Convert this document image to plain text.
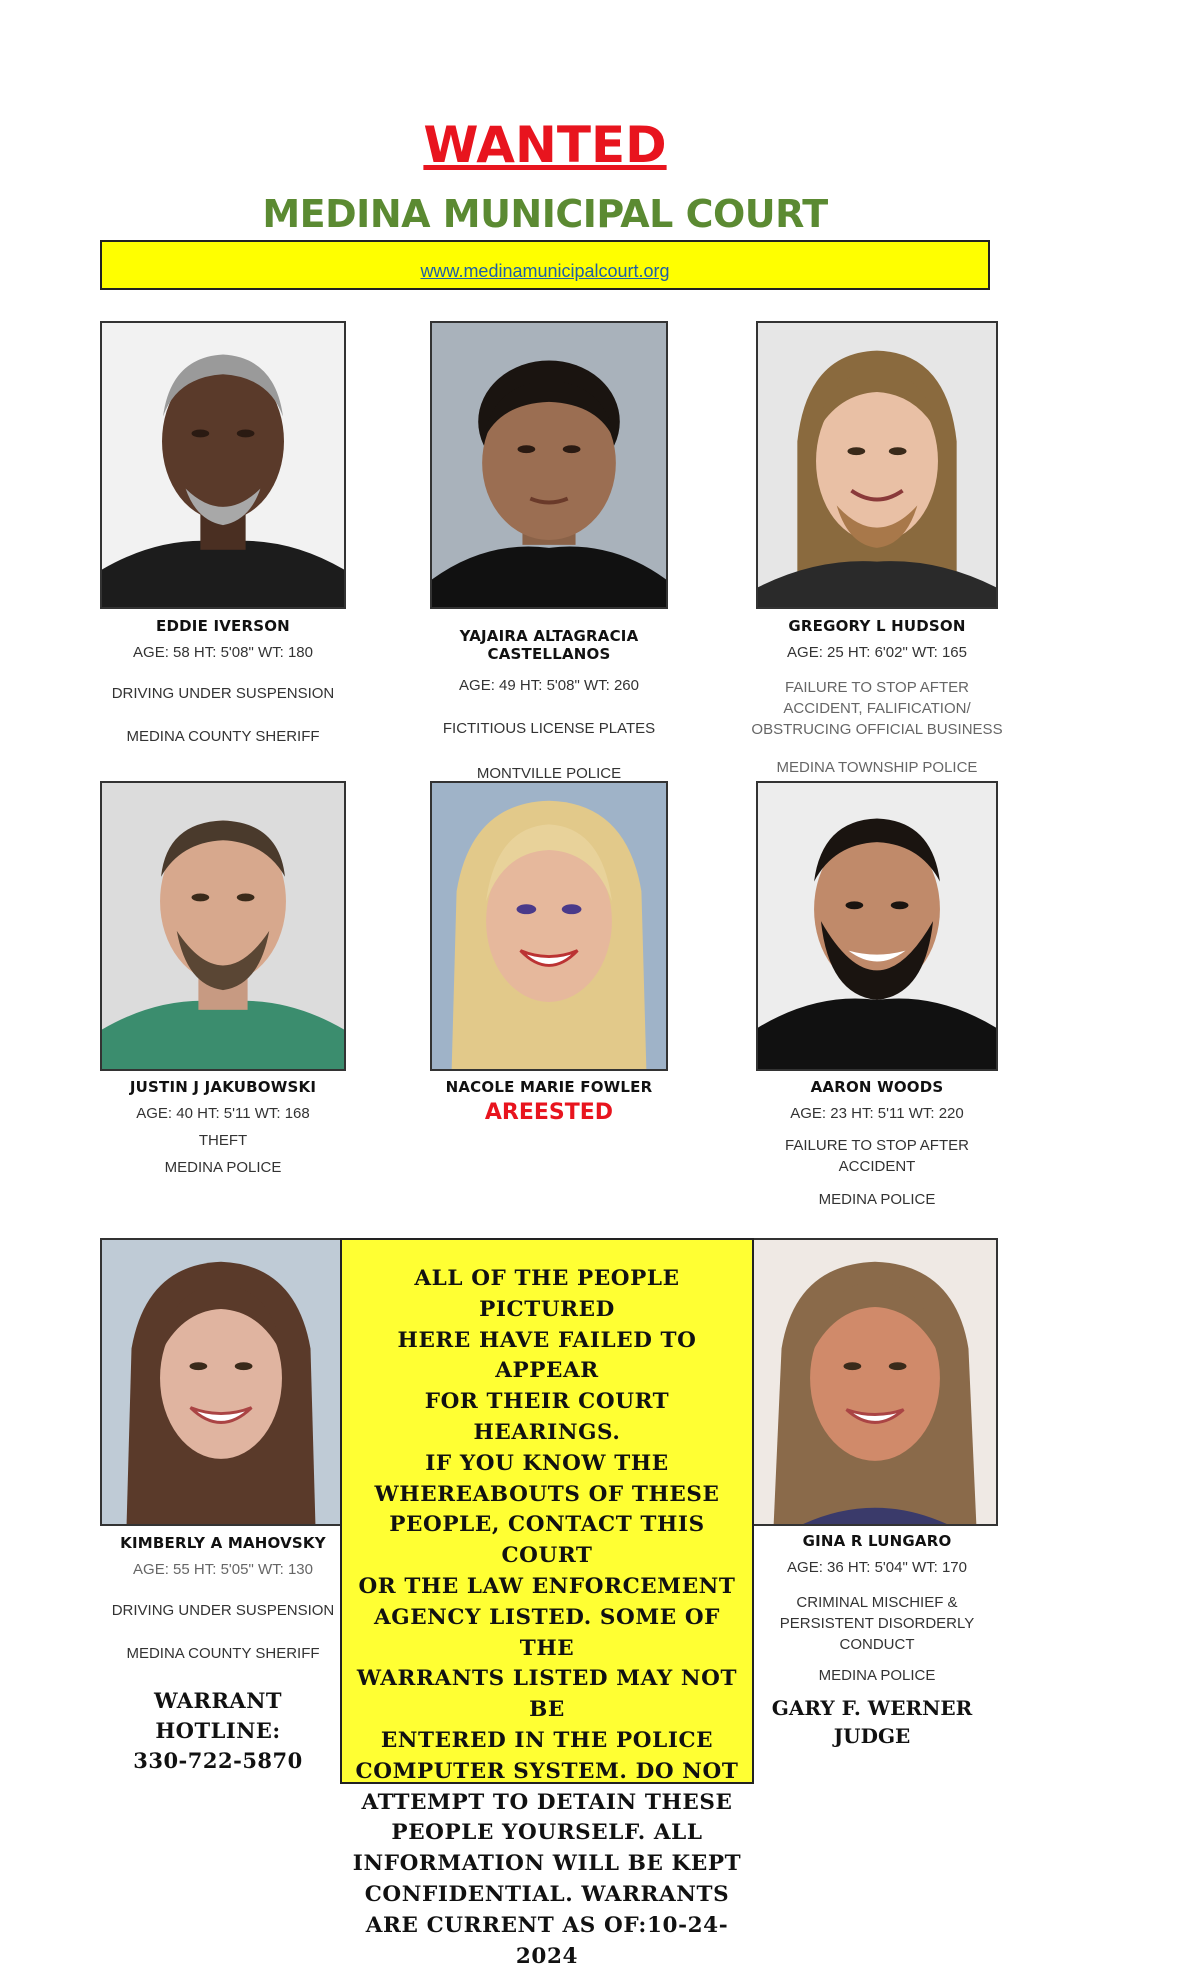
WANTED
MEDINA MUNICIPAL COURT
www.medinamunicipalcourt.org
EDDIE IVERSON
AGE: 58 HT: 5'08" WT: 180
DRIVING UNDER SUSPENSION
MEDINA COUNTY SHERIFF
YAJAIRA ALTAGRACIA
CASTELLANOS
AGE: 49 HT: 5'08" WT: 260
FICTITIOUS LICENSE PLATES
MONTVILLE POLICE
GREGORY L HUDSON
AGE: 25 HT: 6'02" WT: 165
FAILURE TO STOP AFTER
ACCIDENT, FALIFICATION/
OBSTRUCING OFFICIAL BUSINESS
MEDINA TOWNSHIP POLICE
JUSTIN J JAKUBOWSKI
AGE: 40 HT: 5'11 WT: 168
THEFT
MEDINA POLICE
NACOLE MARIE FOWLER
AREESTED
AARON WOODS
AGE: 23 HT: 5'11 WT: 220
FAILURE TO STOP AFTER
ACCIDENT
MEDINA POLICE
ALL OF THE PEOPLE PICTURED
HERE HAVE FAILED TO APPEAR
FOR THEIR COURT HEARINGS.
IF YOU KNOW THE
WHEREABOUTS OF THESE
PEOPLE, CONTACT THIS COURT
OR THE LAW ENFORCEMENT
AGENCY LISTED. SOME OF THE
WARRANTS LISTED MAY NOT BE
ENTERED IN THE POLICE
COMPUTER SYSTEM. DO NOT
ATTEMPT TO DETAIN THESE
PEOPLE YOURSELF. ALL
INFORMATION WILL BE KEPT
CONFIDENTIAL. WARRANTS
ARE CURRENT AS OF:10-24-2024
KIMBERLY A MAHOVSKY
AGE: 55 HT: 5'05" WT: 130
DRIVING UNDER SUSPENSION
MEDINA COUNTY SHERIFF
GINA R LUNGARO
AGE: 36 HT: 5'04" WT: 170
CRIMINAL MISCHIEF &
PERSISTENT DISORDERLY
CONDUCT
MEDINA POLICE
WARRANT
HOTLINE:
330-722-5870
GARY F. WERNER
JUDGE
